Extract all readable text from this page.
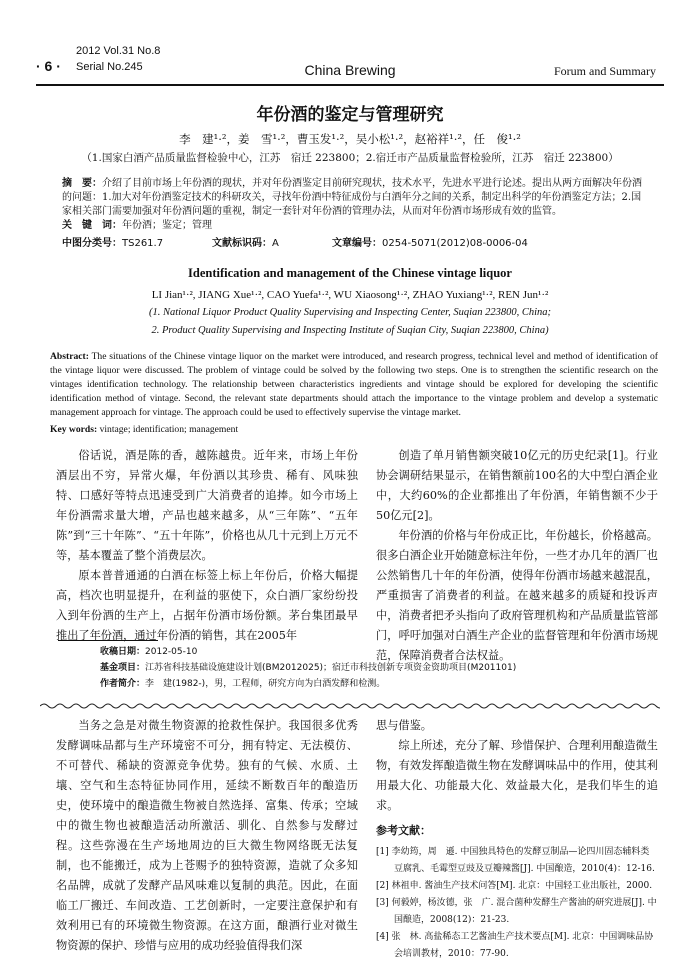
2012 Vol.31 No.8
· 6 · Serial No.245	China Brewing	Forum and Summary
年份酒的鉴定与管理研究
李　建¹·²，姜　雪¹·²，曹玉发¹·²，吴小松¹·²，赵裕祥¹·²，任　俊¹·²
（1.国家白酒产品质量监督检验中心，江苏　宿迁 223800；2.宿迁市产品质量监督检验所，江苏　宿迁 223800）
摘　要：介绍了目前市场上年份酒的现状，并对年份酒鉴定目前研究现状，技术水平，先进水平进行论述。提出从两方面解决年份酒的问题：1.加大对年份酒鉴定技术的科研攻关，寻找年份酒中特征成份与白酒年分之间的关系，制定出科学的年份酒鉴定方法；2.国家相关部门需要加强对年份酒问题的重视，制定一套针对年份酒的管理办法，从而对年份酒市场形成有效的监管。
关　键　词：年份酒；鉴定；管理
中图分类号：TS261.7	文献标识码：A	文章编号：0254-5071(2012)08-0006-04
Identification and management of the Chinese vintage liquor
LI Jian¹·², JIANG Xue¹·², CAO Yuefa¹·², WU Xiaosong¹·², ZHAO Yuxiang¹·², REN Jun¹·²
(1. National Liquor Product Quality Supervising and Inspecting Center, Suqian 223800, China;
2. Product Quality Supervising and Inspecting Institute of Suqian City, Suqian 223800, China)
Abstract: The situations of the Chinese vintage liquor on the market were introduced, and research progress, technical level and method of identification of the vintage liquor were discussed. The problem of vintage could be solved by the following two steps. One is to strengthen the scientific research on the vintages identification technology. The relationship between characteristics ingredients and vintage should be explored for developing the scientific identification method of vintage. Second, the relevant state departments should attach the importance to the vintage problem and develop a systematic management approach for vintage. The approach could be used to effectively supervise the vintage market.
Key words: vintage; identification; management

俗话说，酒是陈的香，越陈越贵。近年来，市场上年份酒层出不穷，异常火爆，年份酒以其珍贵、稀有、风味独特、口感好等特点迅速受到广大消费者的追捧。如今市场上年份酒需求量大增，产品也越来越多，从“三年陈”、“五年陈”到“三十年陈”、“五十年陈”，价格也从几十元到上万元不等，基本覆盖了整个消费层次。

原本普普通通的白酒在标签上标上年份后，价格大幅提高，档次也明显提升，在利益的驱使下，众白酒厂家纷纷投入到年份酒的生产上，占据年份酒市场份额。茅台集团最早推出了年份酒，通过年份酒的销售，其在2005年

创造了单月销售额突破10亿元的历史纪录[1]。行业协会调研结果显示，在销售额前100名的大中型白酒企业中，大约60%的企业都推出了年份酒，年销售额不少于50亿元[2]。

年份酒的价格与年份成正比，年份越长，价格越高。很多白酒企业开始随意标注年份，一些才办几年的酒厂也公然销售几十年的年份酒，使得年份酒市场越来越混乱，严重损害了消费者的利益。在越来越多的质疑和投诉声中，消费者把矛头指向了政府管理机构和产品质量监管部门，呼吁加强对白酒生产企业的监督管理和年份酒市场规范，保障消费者合法权益。

收稿日期：2012-05-10
基金项目：江苏省科技基础设施建设计划(BM2012025)；宿迁市科技创新专项资金资助项目(M201101)
作者简介：李　建(1982-)，男，工程师，研究方向为白酒发酵和检测。

当务之急是对微生物资源的抢救性保护。我国很多优秀发酵调味品都与生产环境密不可分，拥有特定、无法模仿、不可替代、稀缺的资源竞争优势。独有的气候、水质、土壤、空气和生态特征协同作用，延续不断数百年的酿造历史，使环境中的酿造微生物被自然选择、富集、传承；空域中的微生物也被酿造活动所激活、驯化、自然参与发酵过程。这些弥漫在生产场地周边的巨大微生物网络既无法复制，也不能搬迁，成为上苍赐予的独特资源，造就了众多知名品牌，成就了发酵产品风味难以复制的典范。因此，在面临工厂搬迁、车间改造、工艺创新时，一定要注意保护和有效利用已有的环境微生物资源。在这方面，酿酒行业对微生物资源的保护、珍惜与应用的成功经验值得我们深

思与借鉴。

综上所述，充分了解、珍惜保护、合理利用酿造微生物，有效发挥酿造微生物在发酵调味品中的作用，使其利用最大化、功能最大化、效益最大化，是我们毕生的追求。

参考文献：
[1] 李幼筠，周　遜. 中国独具特色的发酵豆制品—论四川固态辅料类豆腐乳、毛霉型豆豉及豆瓣辣酱[J]. 中国酿造，2010(4)：12-16.
[2] 林祖申. 酱油生产技术问答[M]. 北京：中国轻工业出版社，2000.
[3] 何毅婷，杨汝德，张　广. 混合菌种发酵生产酱油的研究进展[J]. 中国酿造，2008(12)：21-23.
[4] 张　林. 高盐稀态工艺酱油生产技术要点[M]. 北京：中国调味品协会培训教材，2010：77-90.
